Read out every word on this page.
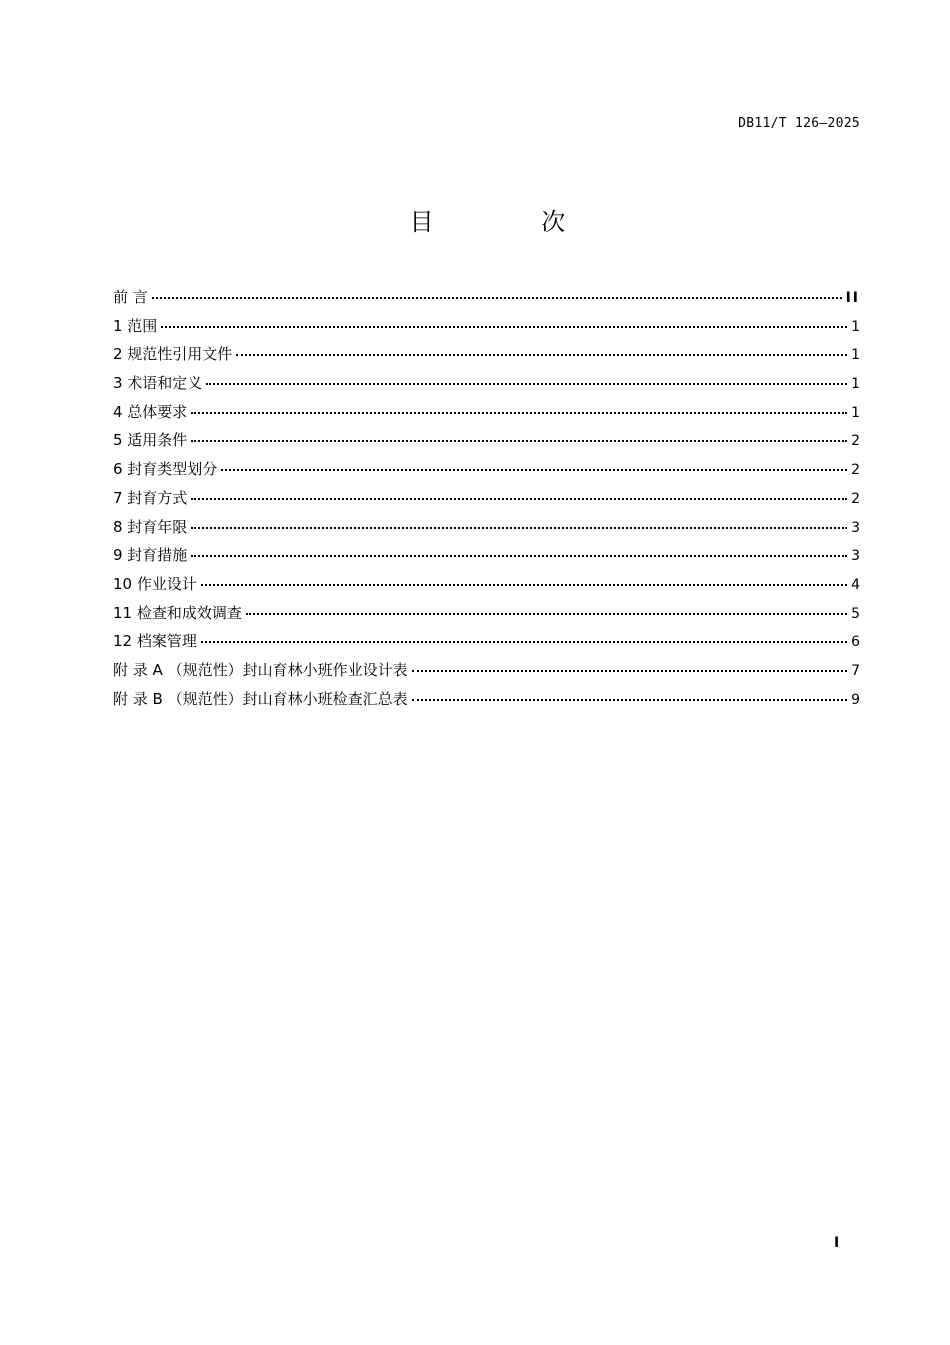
DB11/T 126—2025
目 次
前 言	II
1 范围	1
2 规范性引用文件	1
3 术语和定义	1
4 总体要求	1
5 适用条件	2
6 封育类型划分	2
7 封育方式	2
8 封育年限	3
9 封育措施	3
10 作业设计	4
11 检查和成效调查	5
12 档案管理	6
附 录 A （规范性）封山育林小班作业设计表	7
附 录 B （规范性）封山育林小班检查汇总表	9
I
